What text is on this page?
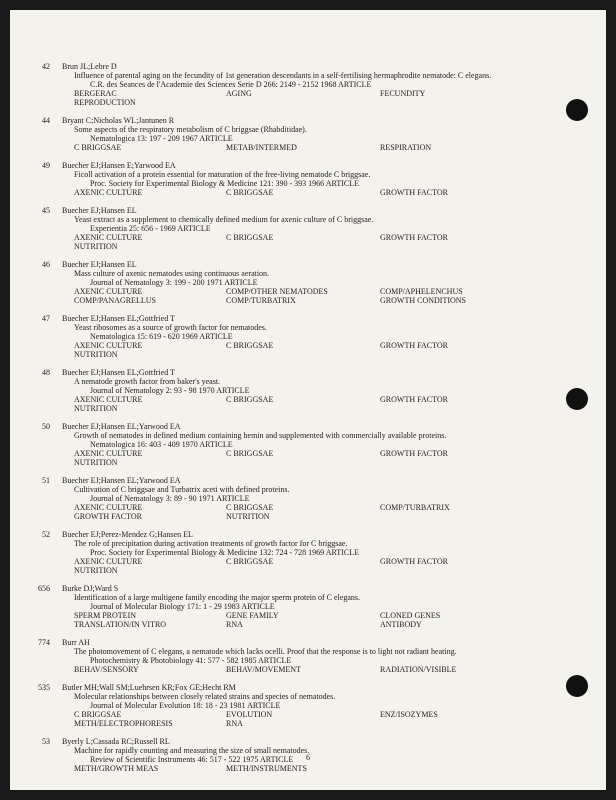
42	Brun JL;Lebre D
Influence of parental aging on the fecundity of 1st generation descendants in a self-fertilising hermaphrodite nematode: C elegans.
C.R. des Seances de l'Academie des Sciences Serie D 266: 2149 - 2152 1968 ARTICLE
BERGERAC	AGING	FECUNDITY
REPRODUCTION
44	Bryant C;Nicholas WL;Jantunen R
Some aspects of the respiratory metabolism of C briggsae (Rhabditidae).
Nematologica 13: 197 - 209 1967 ARTICLE
C BRIGGSAE	METAB/INTERMED	RESPIRATION
49	Buecher EJ;Hansen E;Yarwood EA
Ficoll activation of a protein essential for maturation of the free-living nematode C briggsae.
Proc. Society for Experimental Biology & Medicine 121: 390 - 393 1966 ARTICLE
AXENIC CULTURE	C BRIGGSAE	GROWTH FACTOR
45	Buecher EJ;Hansen EL
Yeast extract as a supplement to chemically defined medium for axenic culture of C briggsae.
Experientia 25: 656 - 1969 ARTICLE
AXENIC CULTURE	C BRIGGSAE	GROWTH FACTOR
NUTRITION
46	Buecher EJ;Hansen EL
Mass culture of axenic nematodes using continuous aeration.
Journal of Nematology 3: 199 - 200 1971 ARTICLE
AXENIC CULTURE	COMP/OTHER NEMATODES	COMP/APHELENCHUS
COMP/PANAGRELLUS	COMP/TURBATRIX	GROWTH CONDITIONS
47	Buecher EJ;Hansen EL;Gottfried T
Yeast ribosomes as a source of growth factor for nematodes.
Nematologica 15: 619 - 620 1969 ARTICLE
AXENIC CULTURE	C BRIGGSAE	GROWTH FACTOR
NUTRITION
48	Buecher EJ;Hansen EL;Gottfried T
A nematode growth factor from baker's yeast.
Journal of Nematology 2: 93 - 98 1970 ARTICLE
AXENIC CULTURE	C BRIGGSAE	GROWTH FACTOR
NUTRITION
50	Buecher EJ;Hansen EL;Yarwood EA
Growth of nematodes in defined medium containing hemin and supplemented with commercially available proteins.
Nematologica 16: 403 - 409 1970 ARTICLE
AXENIC CULTURE	C BRIGGSAE	GROWTH FACTOR
NUTRITION
51	Buecher EJ;Hansen EL;Yarwood EA
Cultivation of C briggsae and Turbatrix aceti with defined proteins.
Journal of Nematology 3: 89 - 90 1971 ARTICLE
AXENIC CULTURE	C BRIGGSAE	COMP/TURBATRIX
GROWTH FACTOR	NUTRITION
52	Buecher EJ;Perez-Mendez G;Hansen EL
The role of precipitation during activation treatments of growth factor for C briggsae.
Proc. Society for Experimental Biology & Medicine 132: 724 - 728 1969 ARTICLE
AXENIC CULTURE	C BRIGGSAE	GROWTH FACTOR
NUTRITION
656	Burke DJ;Ward S
Identification of a large multigene family encoding the major sperm protein of C elegans.
Journal of Molecular Biology 171: 1 - 29 1983 ARTICLE
SPERM PROTEIN	GENE FAMILY	CLONED GENES
TRANSLATION/IN VITRO	RNA	ANTIBODY
774	Burr AH
The photomovement of C elegans, a nematode which lacks ocelli. Proof that the response is to light not radiant heating.
Photochemistry & Photobiology 41: 577 - 582 1985 ARTICLE
BEHAV/SENSORY	BEHAV/MOVEMENT	RADIATION/VISIBLE
535	Butler MH;Wall SM;Luehrsen KR;Fox GE;Hecht RM
Molecular relationships between closely related strains and species of nematodes.
Journal of Molecular Evolution 18: 18 - 23 1981 ARTICLE
C BRIGGSAE	EVOLUTION	ENZ/ISOZYMES
METH/ELECTROPHORESIS	RNA
53	Byerly L;Cassada RC;Russell RL
Machine for rapidly counting and measuring the size of small nematodes.
Review of Scientific Instruments 46: 517 - 522 1975 ARTICLE
METH/GROWTH MEAS	METH/INSTRUMENTS
6
